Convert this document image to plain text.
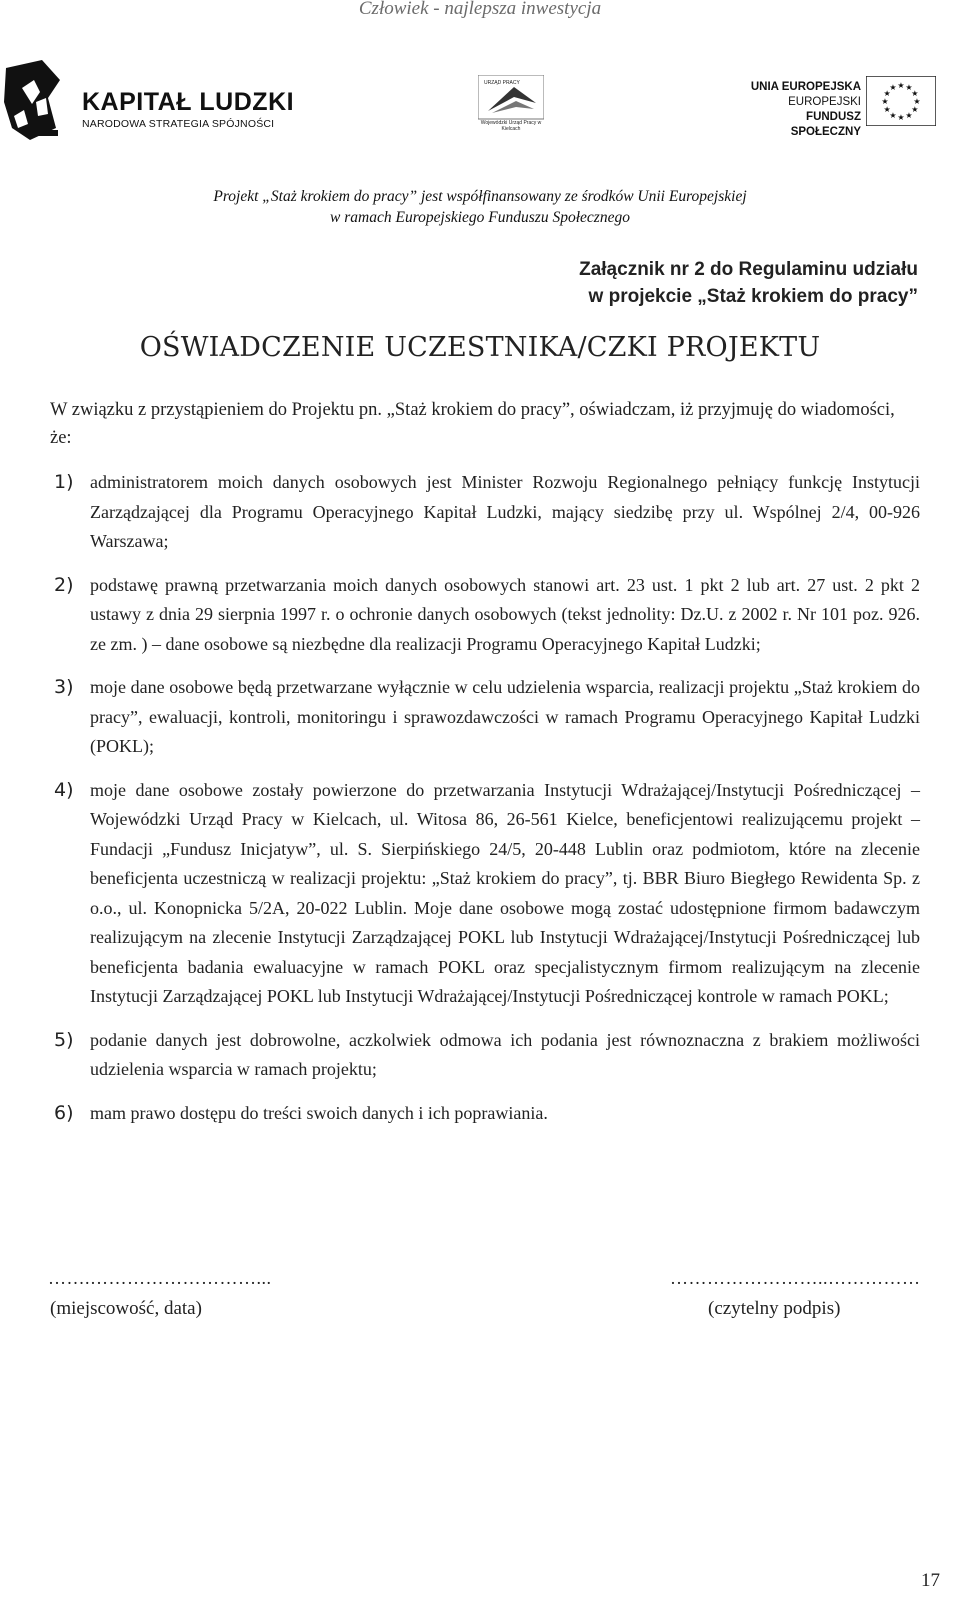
Człowiek - najlepsza inwestycja
KAPITAŁ LUDZKI
NARODOWA STRATEGIA SPÓJNOŚCI
URZĄD PRACY
Wojewódzki Urząd Pracy w Kielcach
UNIA EUROPEJSKA
EUROPEJSKI
FUNDUSZ SPOŁECZNY
★ ★
★
★
★
★
★
★
★
★
★
★
Projekt „Staż krokiem do pracy” jest współfinansowany ze środków Unii Europejskiej
w ramach Europejskiego Funduszu Społecznego
Załącznik nr 2 do Regulaminu udziału
w projekcie „Staż krokiem do pracy”
OŚWIADCZENIE UCZESTNIKA/CZKI PROJEKTU
W związku z przystąpieniem do Projektu pn. „Staż krokiem do pracy”, oświadczam, iż przyjmuję do wiadomości, że:
1) administratorem moich danych osobowych jest Minister Rozwoju Regionalnego pełniący funkcję Instytucji Zarządzającej dla Programu Operacyjnego Kapitał Ludzki, mający siedzibę przy ul. Wspólnej 2/4, 00-926 Warszawa;
2) podstawę prawną przetwarzania moich danych osobowych stanowi art. 23 ust. 1 pkt 2 lub art. 27 ust. 2 pkt 2 ustawy z dnia 29 sierpnia 1997 r. o ochronie danych osobowych (tekst jednolity: Dz.U. z 2002 r. Nr 101 poz. 926. ze zm. ) – dane osobowe są niezbędne dla realizacji Programu Operacyjnego Kapitał Ludzki;
3) moje dane osobowe będą przetwarzane wyłącznie w celu udzielenia wsparcia, realizacji projektu „Staż krokiem do pracy”, ewaluacji, kontroli, monitoringu i sprawozdawczości w ramach Programu Operacyjnego Kapitał Ludzki (POKL);
4) moje dane osobowe zostały powierzone do przetwarzania Instytucji Wdrażającej/Instytucji Pośredniczącej – Wojewódzki Urząd Pracy w Kielcach, ul. Witosa 86, 26-561 Kielce, beneficjentowi realizującemu projekt – Fundacji „Fundusz Inicjatyw”, ul. S. Sierpińskiego 24/5, 20-448 Lublin oraz podmiotom, które na zlecenie beneficjenta uczestniczą w realizacji projektu: „Staż krokiem do pracy”, tj. BBR Biuro Biegłego Rewidenta Sp. z o.o., ul. Konopnicka 5/2A, 20-022 Lublin. Moje dane osobowe mogą zostać udostępnione firmom badawczym realizującym na zlecenie Instytucji Zarządzającej POKL lub Instytucji Wdrażającej/Instytucji Pośredniczącej lub beneficjenta badania ewaluacyjne w ramach POKL oraz specjalistycznym firmom realizującym na zlecenie Instytucji Zarządzającej POKL lub Instytucji Wdrażającej/Instytucji Pośredniczącej kontrole w ramach POKL;
5) podanie danych jest dobrowolne, aczkolwiek odmowa ich podania jest równoznaczna z brakiem możliwości udzielenia wsparcia w ramach projektu;
6) mam prawo dostępu do treści swoich danych i ich poprawiania.
…….………………………...	……………………..……………
(miejscowość, data)	(czytelny podpis)
17
